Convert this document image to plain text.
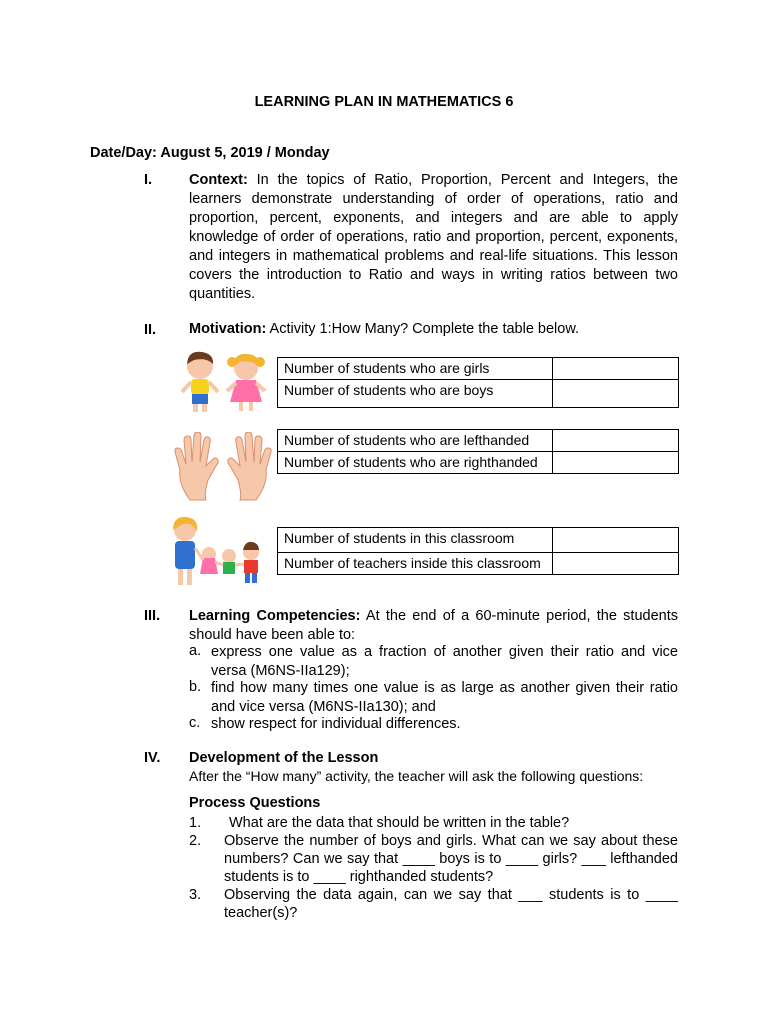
LEARNING PLAN IN MATHEMATICS 6
Date/Day: August 5, 2019 / Monday
I.	Context: In the topics of Ratio, Proportion, Percent and Integers, the learners demonstrate understanding of order of operations, ratio and proportion, percent, exponents, and integers and are able to apply knowledge of order of operations, ratio and proportion, percent, exponents, and integers in mathematical problems and real-life situations. This lesson covers the introduction to Ratio and ways in writing ratios between two quantities.
II. Motivation: Activity 1:How Many? Complete the table below.
Number of students who are girls	
Number of students who are boys	
Number of students who are lefthanded	
Number of students who are righthanded	
Number of students in this classroom	
Number of teachers inside this classroom	
III. Learning Competencies: At the end of a 60-minute period, the students should have been able to:
a. express one value as a fraction of another given their ratio and vice versa (M6NS-IIa129);
b. find how many times one value is as large as another given their ratio and vice versa (M6NS-IIa130); and
c. show respect for individual differences.
IV. Development of the Lesson
After the “How many” activity, the teacher will ask the following questions:
Process Questions
1. What are the data that should be written in the table?
2. Observe the number of boys and girls. What can we say about these numbers? Can we say that ____ boys is to ____ girls? ___ lefthanded students is to ____ righthanded students?
3. Observing the data again, can we say that ___ students is to ____ teacher(s)?
